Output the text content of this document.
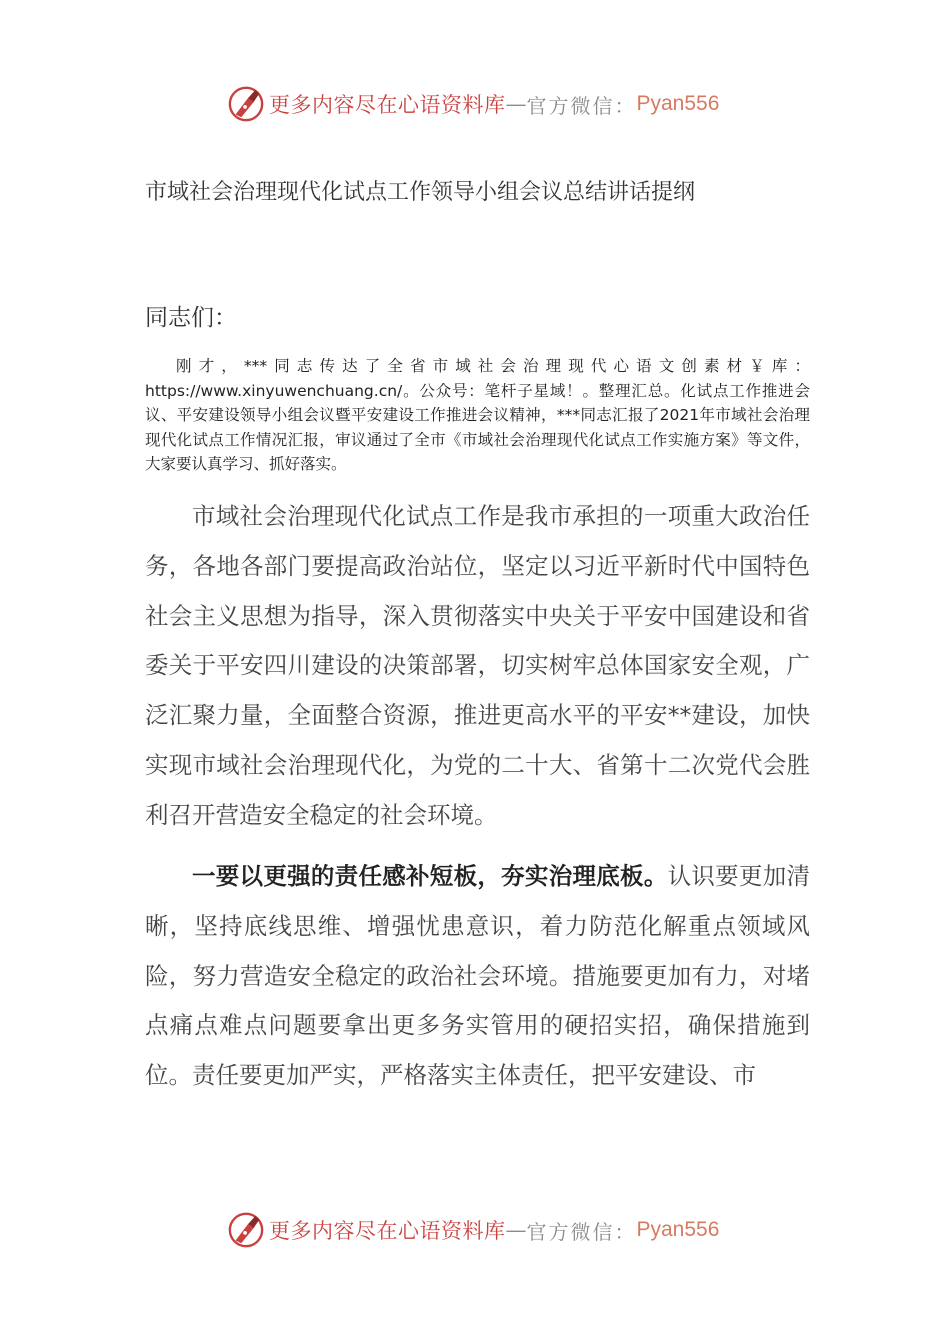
更多内容尽在心语资料库 — 官方微信： Pyan556
市域社会治理现代化试点工作领导小组会议总结讲话提纲
同志们：

刚才，***同志传达了全省市域社会治理现代心语文创素材￥库：https://www.xinyuwenchuang.cn/。公众号：笔杆子星域！。整理汇总。化试点工作推进会议、平安建设领导小组会议暨平安建设工作推进会议精神，***同志汇报了2021年市域社会治理现代化试点工作情况汇报，审议通过了全市《市域社会治理现代化试点工作实施方案》等文件，大家要认真学习、抓好落实。

市域社会治理现代化试点工作是我市承担的一项重大政治任务，各地各部门要提高政治站位，坚定以习近平新时代中国特色社会主义思想为指导，深入贯彻落实中央关于平安中国建设和省委关于平安四川建设的决策部署，切实树牢总体国家安全观，广泛汇聚力量，全面整合资源，推进更高水平的平安**建设，加快实现市域社会治理现代化，为党的二十大、省第十二次党代会胜利召开营造安全稳定的社会环境。

一要以更强的责任感补短板，夯实治理底板。认识要更加清晰，坚持底线思维、增强忧患意识，着力防范化解重点领域风险，努力营造安全稳定的政治社会环境。措施要更加有力，对堵点痛点难点问题要拿出更多务实管用的硬招实招，确保措施到位。责任要更加严实，严格落实主体责任，把平安建设、市

更多内容尽在心语资料库 — 官方微信： Pyan556
